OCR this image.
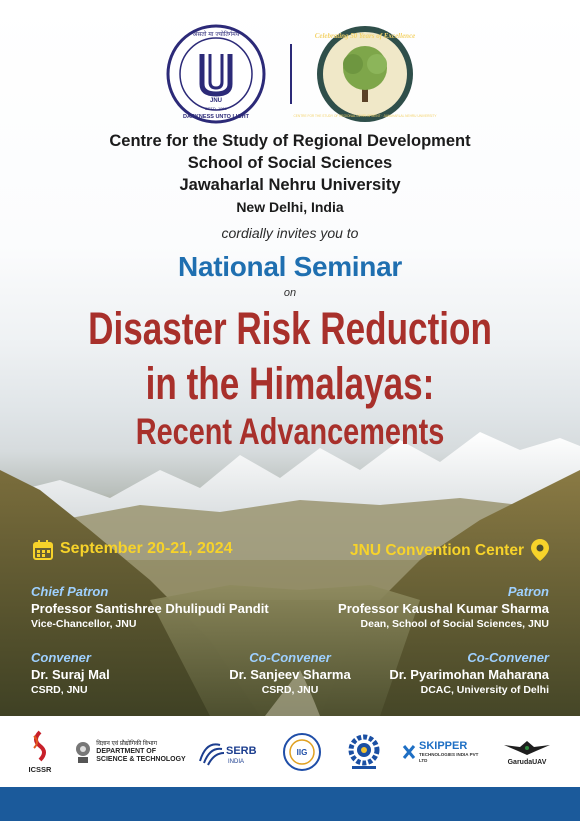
JNU
असतो मा ज्योतिर्गमय
DARKNESS UNTO LIGHT
ESTD. 1969
Celebrating 50 Years of Excellence
CENTRE FOR THE STUDY OF REGIONAL DEVELOPMENT · JAWAHARLAL NEHRU UNIVERSITY
Centre for the Study of Regional Development
School of Social Sciences
Jawaharlal Nehru University
New Delhi, India
cordially invites you to
National Seminar
on
Disaster Risk Reduction
in the Himalayas:
Recent Advancements
September 20-21, 2024	JNU Convention Center
Chief Patron
Professor Santishree Dhulipudi Pandit
Vice-Chancellor, JNU
Patron
Professor Kaushal Kumar Sharma
Dean, School of Social Sciences, JNU
Convener
Dr. Suraj Mal
CSRD, JNU
Co-Convener
Dr. Sanjeev Sharma
CSRD, JNU
Co-Convener
Dr. Pyarimohan Maharana
DCAC, University of Delhi
ICSSR
विज्ञान एवं प्रौद्योगिकी विभाग
DEPARTMENT OF
SCIENCE & TECHNOLOGY
SERB
INDIA
IIG
SKIPPER
TECHNOLOGIES INDIA PVT LTD	GarudaUAV
